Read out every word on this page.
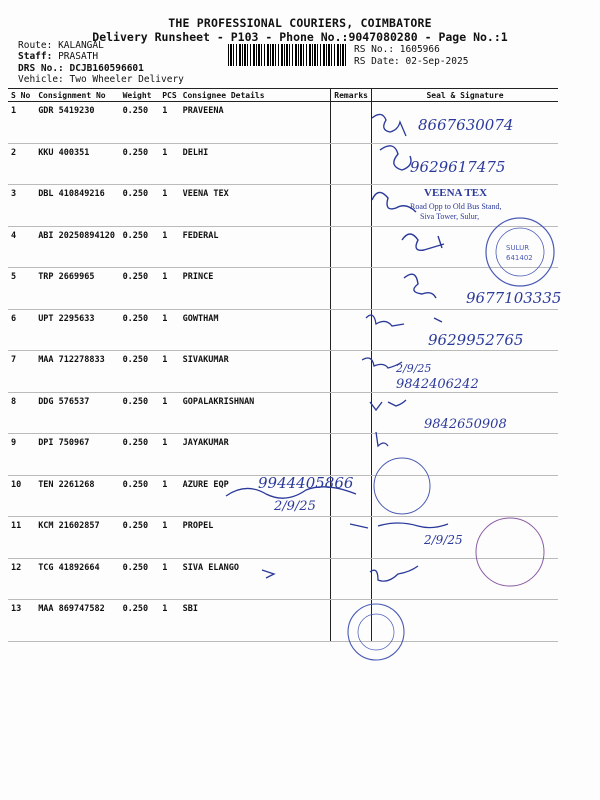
THE PROFESSIONAL COURIERS, COIMBATORE
Delivery Runsheet - P103 - Phone No.:9047080280 - Page No.:1
Route: KALANGAL
Staff: PRASATH
DRS No.: DCJB160596601
Vehicle: Two Wheeler Delivery
RS No.: 1605966
RS Date: 02-Sep-2025
S No	Consignment No	Weight	PCS	Consignee Details	Remarks	Seal & Signature
1	GDR 5419230	0.250	1	PRAVEENA		
2	KKU 400351	0.250	1	DELHI		
3	DBL 410849216	0.250	1	VEENA TEX		
4	ABI 20250894120	0.250	1	FEDERAL		
5	TRP 2669965	0.250	1	PRINCE		
6	UPT 2295633	0.250	1	GOWTHAM		
7	MAA 712278833	0.250	1	SIVAKUMAR		
8	DDG 576537	0.250	1	GOPALAKRISHNAN		
9	DPI 750967	0.250	1	JAYAKUMAR		
10	TEN 2261268	0.250	1	AZURE EQP		
11	KCM 21602857	0.250	1	PROPEL		
12	TCG 41892664	0.250	1	SIVA ELANGO		
13	MAA 869747582	0.250	1	SBI		
8667630074
9629617475
VEENA TEX
Road Opp to Old Bus Stand,
Siva Tower, Sulur,
SULUR
641402
9677103335
9629952765
2/9/25
9842406242
9842650908
9944405866
2/9/25
2/9/25
